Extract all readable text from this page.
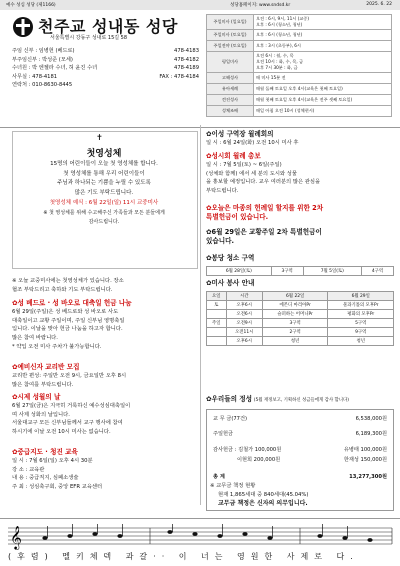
예수 성심 성당 (제1166)	성당홈페이지: www.sndsd.kr	2025. 6. 22
천주교 성내동 성당
서울특별시 강동구 성내로 15길 58
주임 신부 : 임병헌 (베드로)	478-4183
부주임신부 : 박성준 (모세)	478-4182
수녀원 : 박 엔젤라 수녀, 허 윤진 수녀	478-4189
사무실 : 478-4181	FAX : 478-4184
연락처 : 010-8630-8445
주일미사 (일요일)	오전 : 6시, 9시, 11시 (교중)
오후 : 6시 (청소년, 청년)
주일미사 (토요일)	오후 : 6시 (청소년, 청년)
주일전야 (토요일)	오후 : 3시 (초등부), 6시
평일미사	오전 6시 : 월, 수, 목
오전 10시 : 화, 수, 목, 금
오후 7시 30분 : 화, 금
고해성사	매 미사 15분 전
유아세례	매월 둘째 토요일 오후 4시(교육은 첫째 토요일)
견진성사	매월 첫째 토요일 오후 4시(교육은 전주 셋째 토요일)
성체조배	매일 아침 오전 10시 (성체현시)
✝
첫영성체
15명의 어린이들이 오늘 첫 영성체를 합니다.
첫 영성체를 통해 우리 어린이들이
주님과 하나되는 기쁨을 누릴 수 있도록
많은 기도 부탁드립니다.
첫영성체 예식 : 6월 22일(일) 11시 교중미사
※ 첫 영성체를 위해 수고해주신 가족들과 모든 분들에게
감사드립니다.
※ 오늘 교중미사에는 첫영성체가 있습니다. 장소
협조 부탁드리고 축하와 기도 부탁드립니다.
✿ 성 베드로 · 성 바오로 대축일 헌금 나눔
6월 29일(주일)은 성 베드로와 성 바오로 사도
대축일이고 교황 주일이며, 주일 신부님 영명축일
입니다. 이날을 맞아 헌금 나눔을 하고자 합니다.
많은 참여 바랍니다.
* 약입 오전 미사 주차가 불가능합니다.
✿ 예비신자 교리반 모집
교리반 편성: 주일반 오전 9시, 금요일반 오후 8시
많은 참여를 부탁드립니다.
✿ 시제 성월의 날
6월 27일(금)은 지극히 거룩하신 예수성심대축일이
며 사제 성화의 날입니다.
서울대교구 모든 신부님들께서 교구 행사에 참여
하시기에 이날 오전 10시 미사는 없습니다.
✿ 중급지도 · 청진 교육
일 시 : 7월 6일(일) 오후 4시 30분
강 소 : 교육관
내 용 : 중급직지, 심폐소생술
주 최 : 성심축구회, 중앙 EFR 교육센터
✿ 이성 구역장 월례회의
일 시 : 6월 24일(화) 오전 10시 미사 후
✿ 성시회 월례 총보
일 시 : 7월 5일(토) ~ 6일(주일)
(성체와 함께) 에서 세 분의 도시와 성물
을 홍보할 예정입니다. 교우 여러분의 많은 관심을
부탁드립니다.
✿ 오늘은 마종의 헌례일 할지를 위한 2차
특별헌금이 있습니다.
✿ 6월 29일은 교황주일 2차 특별헌금이
있습니다.
✿ 봉당 청소 구역
6월 28일(토)	3구역	7월 5일(토)	4구역
✿ 미사 봉사 안내
요일	시간	6월 22일	6월 29일
토	오후6시	에몬디 마리아Pr	물과기틀의 모후Pr
	오전6시	슬퍼하는 어머니Pr	평화의 모후Pr
주일	오전9시	3구역	5구역
	오전11시	2구역	9구역
	오후6시	청년	청년
✿ 우리들의 정성 (5월 재정보고, 기획하신 성금들에게 감사 합니다)
교 무 금(77건)	6,538,000원
주일헌금	6,189,300원
감사헌금 : 김철가 100,000원	유병태 100,000원
이현희 200,000원	한재성 150,000원
총 계	13,277,300원
※ 교무금 책정 현황
현재 1,865세대 중 840세대(45.04%)
교무금 책정은 신자의 의무입니다.
𝄞
(후렴) 멜키체덱 과갈·· 이 너는 영원한 사제로 다.
